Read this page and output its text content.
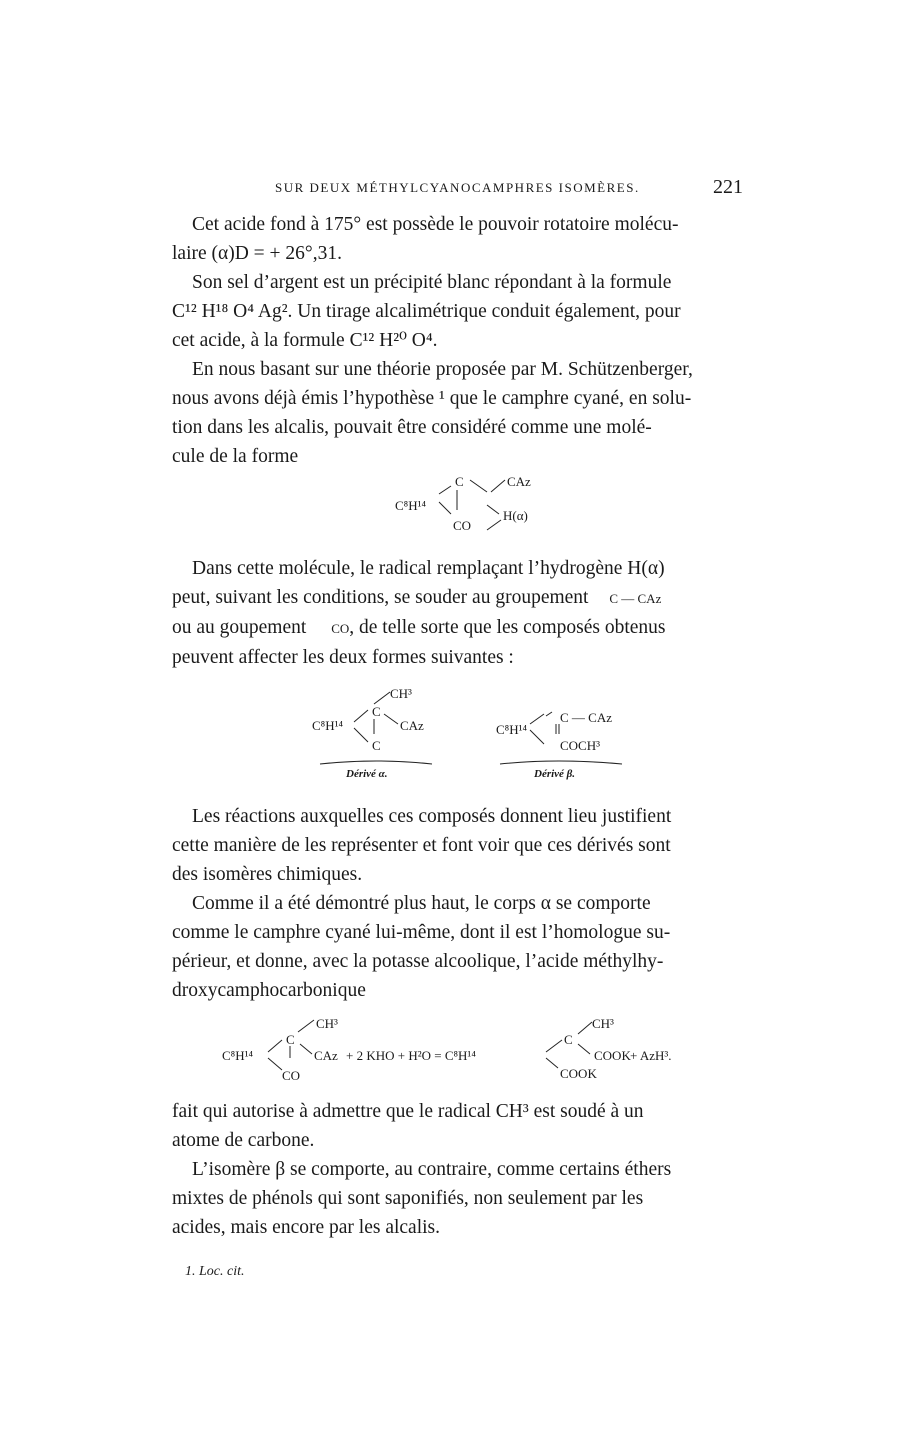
SUR DEUX MÉTHYLCYANOCAMPHRES ISOMÈRES.	221

Cet acide fond à 175° est possède le pouvoir rotatoire molécu-

laire (α)D = + 26°,31.

Son sel d’argent est un précipité blanc répondant à la formule

C¹² H¹⁸ O⁴ Ag². Un tirage alcalimétrique conduit également, pour

cet acide, à la formule C¹² H²⁰ O⁴.

En nous basant sur une théorie proposée par M. Schützenberger,

nous avons déjà émis l’hypothèse ¹ que le camphre cyané, en solu-

tion dans les alcalis, pouvait être considéré comme une molé-

cule de la forme

C⁸H¹⁴
C	CAz
CO
H(α)

Dans cette molécule, le radical remplaçant l’hydrogène H(α)

peut, suivant les conditions, se souder au groupement C — CAz

ou au goupement CO, de telle sorte que les composés obtenus

peuvent affecter les deux formes suivantes :

CH³
C⁸H¹⁴
C
CAz
C
Dérivé α.
C⁸H¹⁴
C — CAz
COCH³
Dérivé β.

Les réactions auxquelles ces composés donnent lieu justifient

cette manière de les représenter et font voir que ces dérivés sont

des isomères chimiques.

Comme il a été démontré plus haut, le corps α se comporte

comme le camphre cyané lui-même, dont il est l’homologue su-

périeur, et donne, avec la potasse alcoolique, l’acide méthylhy-

droxycamphocarbonique

CH³
C⁸H¹⁴
C
CAz
CO
+ 2 KHO + H²O = C⁸H¹⁴
CH³
C
COOK
COOK
+ AzH³.

fait qui autorise à admettre que le radical CH³ est soudé à un

atome de carbone.

L’isomère β se comporte, au contraire, comme certains éthers

mixtes de phénols qui sont saponifiés, non seulement par les

acides, mais encore par les alcalis.

1. Loc. cit.
